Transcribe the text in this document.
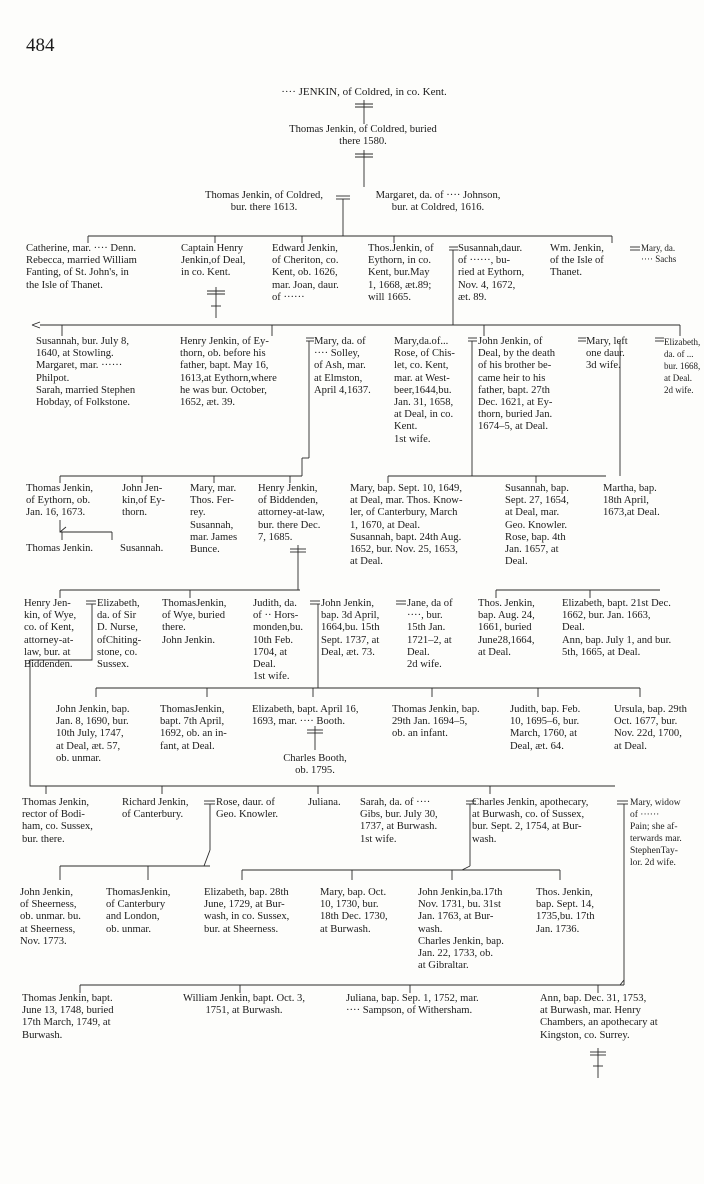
484
···· JENKIN, of Coldred, in co. Kent.
Thomas Jenkin, of Coldred, buried
there 1580.
Thomas Jenkin, of Coldred,
bur. there 1613.
Margaret, da. of ···· Johnson,
bur. at Coldred, 1616.
Catherine, mar. ···· Denn.
Rebecca, married William
Fanting, of St. John's, in
the Isle of Thanet.
Captain Henry
Jenkin,of Deal,
in co. Kent.
Edward Jenkin,
of Cheriton, co.
Kent, ob. 1626,
mar. Joan, daur.
of ······
Thos.Jenkin, of
Eythorn, in co.
Kent, bur.May
1, 1668, æt.89;
will 1665.
Susannah,daur.
of ······, bu-
ried at Eythorn,
Nov. 4, 1672,
æt. 89.
Wm. Jenkin,
of the Isle of
Thanet.
Mary, da.
···· Sachs
Susannah, bur. July 8,
1640, at Stowling.
Margaret, mar. ······
Philpot.
Sarah, married Stephen
Hobday, of Folkstone.
Henry Jenkin, of Ey-
thorn, ob. before his
father, bapt. May 16,
1613,at Eythorn,where
he was bur. October,
1652, æt. 39.
Mary, da. of
···· Solley,
of Ash, mar.
at Elmston,
April 4,1637.
Mary,da.of...
Rose, of Chis-
let, co. Kent,
mar. at West-
beer,1644,bu.
Jan. 31, 1658,
at Deal, in co.
Kent.
1st wife.
John Jenkin, of
Deal, by the death
of his brother be-
came heir to his
father, bapt. 27th
Dec. 1621, at Ey-
thorn, buried Jan.
1674–5, at Deal.
Mary, left
one daur.
3d wife.
Elizabeth,
da. of ...
bur. 1668,
at Deal.
2d wife.
Thomas Jenkin,
of Eythorn, ob.
Jan. 16, 1673.
John Jen-
kin,of Ey-
thorn.
Mary, mar.
Thos. Fer-
rey.
Susannah,
mar. James
Bunce.
Henry Jenkin,
of Biddenden,
attorney-at-law,
bur. there Dec.
7, 1685.
Mary, bap. Sept. 10, 1649,
at Deal, mar. Thos. Know-
ler, of Canterbury, March
1, 1670, at Deal.
Susannah, bapt. 24th Aug.
1652, bur. Nov. 25, 1653,
at Deal.
Susannah, bap.
Sept. 27, 1654,
at Deal, mar.
Geo. Knowler.
Rose, bap. 4th
Jan. 1657, at
Deal.
Martha, bap.
18th April,
1673,at Deal.
Thomas Jenkin.	Susannah.
Henry Jen-
kin, of Wye,
co. of Kent,
attorney-at-
law, bur. at
Biddenden.
Elizabeth,
da. of Sir
D. Nurse,
ofChiting-
stone, co.
Sussex.
ThomasJenkin,
of Wye, buried
there.
John Jenkin.
Judith, da.
of ·· Hors-
monden,bu.
10th Feb.
1704, at
Deal.
1st wife.
John Jenkin,
bap. 3d April,
1664,bu. 15th
Sept. 1737, at
Deal, æt. 73.
Jane, da of
····, bur.
15th Jan.
1721–2, at
Deal.
2d wife.
Thos. Jenkin,
bap. Aug. 24,
1661, buried
June28,1664,
at Deal.
Elizabeth, bapt. 21st Dec.
1662, bur. Jan. 1663,
Deal.
Ann, bap. July 1, and bur.
5th, 1665, at Deal.
John Jenkin, bap.
Jan. 8, 1690, bur.
10th July, 1747,
at Deal, æt. 57,
ob. unmar.
ThomasJenkin,
bapt. 7th April,
1692, ob. an in-
fant, at Deal.
Elizabeth, bapt. April 16,
1693, mar. ···· Booth.
Thomas Jenkin, bap.
29th Jan. 1694–5,
ob. an infant.
Judith, bap. Feb.
10, 1695–6, bur.
March, 1760, at
Deal, æt. 64.
Ursula, bap. 29th
Oct. 1677, bur.
Nov. 22d, 1700,
at Deal.
Charles Booth,
ob. 1795.
Thomas Jenkin,
rector of Bodi-
ham, co. Sussex,
bur. there.
Richard Jenkin,
of Canterbury.
Rose, daur. of
Geo. Knowler.
Juliana.	Sarah, da. of ····
Gibs, bur. July 30,
1737, at Burwash.
1st wife.
Charles Jenkin, apothecary,
at Burwash, co. of Sussex,
bur. Sept. 2, 1754, at Bur-
wash.
Mary, widow
of ······
Pain; she af-
terwards mar.
StephenTay-
lor. 2d wife.
John Jenkin,
of Sheerness,
ob. unmar. bu.
at Sheerness,
Nov. 1773.
ThomasJenkin,
of Canterbury
and London,
ob. unmar.
Elizabeth, bap. 28th
June, 1729, at Bur-
wash, in co. Sussex,
bur. at Sheerness.
Mary, bap. Oct.
10, 1730, bur.
18th Dec. 1730,
at Burwash.
John Jenkin,ba.17th
Nov. 1731, bu. 31st
Jan. 1763, at Bur-
wash.
Charles Jenkin, bap.
Jan. 22, 1733, ob.
at Gibraltar.
Thos. Jenkin,
bap. Sept. 14,
1735,bu. 17th
Jan. 1736.
Thomas Jenkin, bapt.
June 13, 1748, buried
17th March, 1749, at
Burwash.
William Jenkin, bapt. Oct. 3,
1751, at Burwash.
Juliana, bap. Sep. 1, 1752, mar.
···· Sampson, of Withersham.
Ann, bap. Dec. 31, 1753,
at Burwash, mar. Henry
Chambers, an apothecary at
Kingston, co. Surrey.
